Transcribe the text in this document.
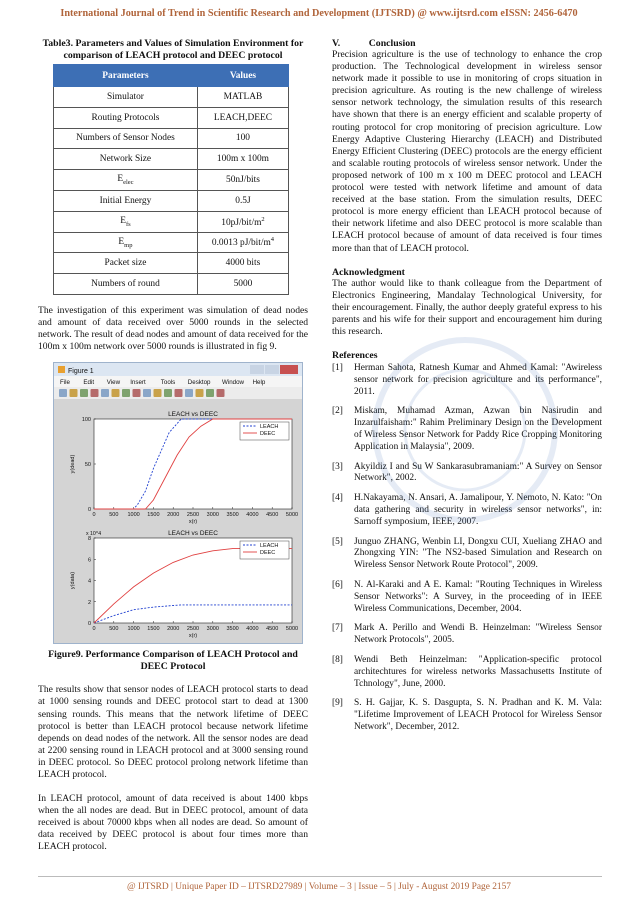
International Journal of Trend in Scientific Research and Development (IJTSRD) @ www.ijtsrd.com eISSN: 2456-6470
Table3. Parameters and Values of Simulation Environment for comparison of LEACH protocol and DEEC protocol
Parameters	Values
Simulator	MATLAB
Routing Protocols	LEACH,DEEC
Numbers of Sensor Nodes	100
Network Size	100m x 100m
$E_{elec}$	50nJ/bits
Initial Energy	0.5J
$E_{fs}$	$10pJ/bit/m^2$
$E_{mp}$	0.0013 $pJ/bit/m^4$
Packet size	4000 bits
Numbers of round	5000

The investigation of this experiment was simulation of dead nodes and amount of data received over 5000 rounds in the selected network. The result of dead nodes and amount of data received for the 100m x 100m network over 5000 rounds is illustrated in fig 9.

Figure 1
File Edit View Insert Tools Desktop Window Help
LEACH vs DEEC
0 500 1000 1500 2000 2500 3000 3500 4000 4500 5000
0
50
100
x(r)
y(dead)
LEACH
DEEC
LEACH vs DEEC
0 500 1000 1500 2000 2500 3000 3500 4000 4500 5000
0
2
4
6
8
x 10^4
x(r)
y(data)
LEACH
DEEC
Figure9. Performance Comparison of LEACH Protocol and DEEC Protocol

The results show that sensor nodes of LEACH protocol starts to dead at 1000 sensing rounds and DEEC protocol start to dead at 1300 sensing rounds. This means that the network lifetime of DEEC protocol is better than LEACH protocol because network lifetime depends on dead nodes of the network. All the sensor nodes are dead at 2200 sensing round in LEACH protocol and at 3000 sensing round in DEEC protocol. So DEEC protocol prolong network lifetime than LEACH protocol.

In LEACH protocol, amount of data received is about 1400 kbps when the all nodes are dead. But in DEEC protocol, amount of data received is about 70000 kbps when all nodes are dead. So amount of data received by DEEC protocol is about four times more than LEACH protocol.

V.	Conclusion

Precision agriculture is the use of technology to enhance the crop production. The Technological development in wireless sensor network made it possible to use in monitoring of crops situation in precision agriculture. As routing is the new challenge of wireless sensor network technology, the simulation results of this research have shown that there is an energy efficient and scalable property of routing protocol for crop monitoring of precision agriculture. Low Energy Adaptive Clustering Hierarchy (LEACH) and Distributed Energy Efficient Clustering (DEEC) protocols are the energy efficient and scalable routing protocols of wireless sensor network. Under the proposed network of 100 m x 100 m DEEC protocol and LEACH protocol were tested with network lifetime and amount of data received at the base station. From the simulation results, DEEC protocol is more energy efficient than LEACH protocol because of their network lifetime and also DEEC protocol is more scalable than LEACH protocol because of amount of data received is four times more than that of LEACH protocol.

Acknowledgment

The author would like to thank colleague from the Department of Electronics Engineering, Mandalay Technological University, for their encouragement. Finally, the author deeply grateful express to his parents and his wife for their support and encouragement him during this research.

References
[1]	Herman Sahota, Ratnesh Kumar and Ahmed Kamal: "Awireless sensor network for precision agriculture and its performance", 2011.
[2]	Miskam, Muhamad Azman, Azwan bin Nasirudin and Inzarulfaisham:" Rahim Preliminary Design on the Development of Wireless Sensor Network for Paddy Rice Cropping Monitoring Application in Malaysia", 2009.
[3]	Akyildiz I and Su W Sankarasubramaniam:" A Survey on Sensor Network", 2002.
[4]	H.Nakayama, N. Ansari, A. Jamalipour, Y. Nemoto, N. Kato: "On data gathering and security in wireless sensor networks", in: Sarnoff symposium, IEEE, 2007.
[5]	Junguo ZHANG, Wenbin LI, Dongxu CUI, Xueliang ZHAO and Zhongxing YIN: "The NS2-based Simulation and Research on Wireless Sensor Network Route Protocol", 2009.
[6]	N. Al-Karaki and A E. Kamal: "Routing Techniques in Wireless Sensor Networks": A Survey, in the proceeding of in IEEE Wireless Communications, December, 2004.
[7]	Mark A. Perillo and Wendi B. Heinzelman: "Wireless Sensor Network Protocols", 2005.
[8]	Wendi Beth Heinzelman: "Application-specific protocol architechtures for wireless networks Massachusetts Institute of Tchnology", June, 2000.
[9]	S. H. Gajjar, K. S. Dasgupta, S. N. Pradhan and K. M. Vala: "Lifetime Improvement of LEACH Protocol for Wireless Sensor Network", December, 2012.
@ IJTSRD | Unique Paper ID – IJTSRD27989 | Volume – 3 | Issue – 5 | July - August 2019 Page 2157
